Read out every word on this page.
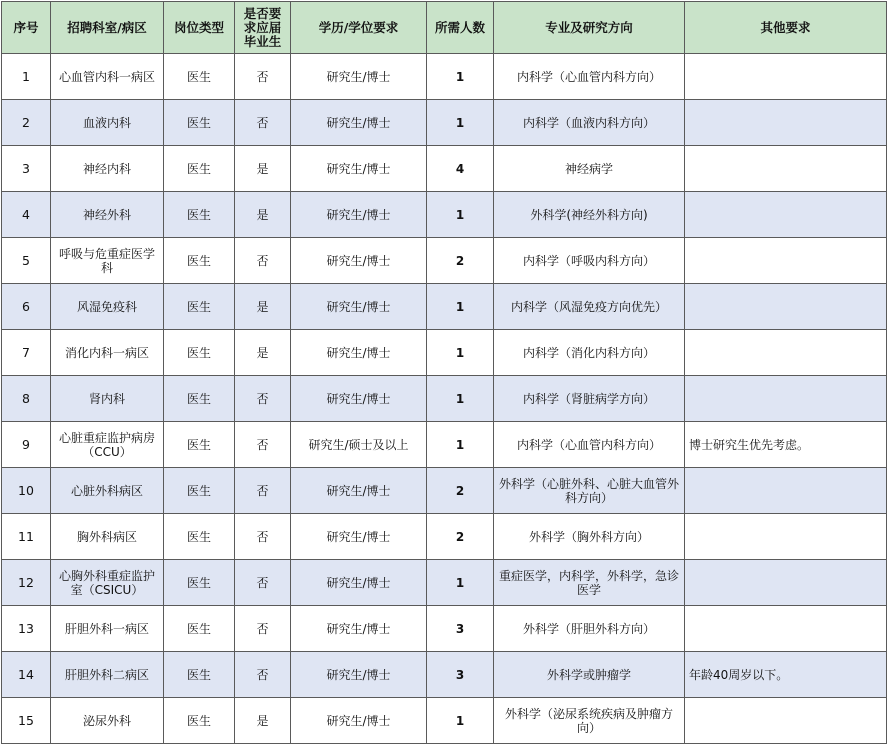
序号	招聘科室/病区	岗位类型	是否要求应届毕业生	学历/学位要求	所需人数	专业及研究方向	其他要求
1	心血管内科一病区	医生	否	研究生/博士	1	内科学（心血管内科方向）	
2	血液内科	医生	否	研究生/博士	1	内科学（血液内科方向）	
3	神经内科	医生	是	研究生/博士	4	神经病学	
4	神经外科	医生	是	研究生/博士	1	外科学(神经外科方向)	
5	呼吸与危重症医学科	医生	否	研究生/博士	2	内科学（呼吸内科方向）	
6	风湿免疫科	医生	是	研究生/博士	1	内科学（风湿免疫方向优先）	
7	消化内科一病区	医生	是	研究生/博士	1	内科学（消化内科方向）	
8	肾内科	医生	否	研究生/博士	1	内科学（肾脏病学方向）	
9	心脏重症监护病房（CCU）	医生	否	研究生/硕士及以上	1	内科学（心血管内科方向）	博士研究生优先考虑。
10	心脏外科病区	医生	否	研究生/博士	2	外科学（心脏外科、心脏大血管外科方向）	
11	胸外科病区	医生	否	研究生/博士	2	外科学（胸外科方向）	
12	心胸外科重症监护室（CSICU）	医生	否	研究生/博士	1	重症医学，内科学，外科学，急诊医学	
13	肝胆外科一病区	医生	否	研究生/博士	3	外科学（肝胆外科方向）	
14	肝胆外科二病区	医生	否	研究生/博士	3	外科学或肿瘤学	年龄40周岁以下。
15	泌尿外科	医生	是	研究生/博士	1	外科学（泌尿系统疾病及肿瘤方向）	
